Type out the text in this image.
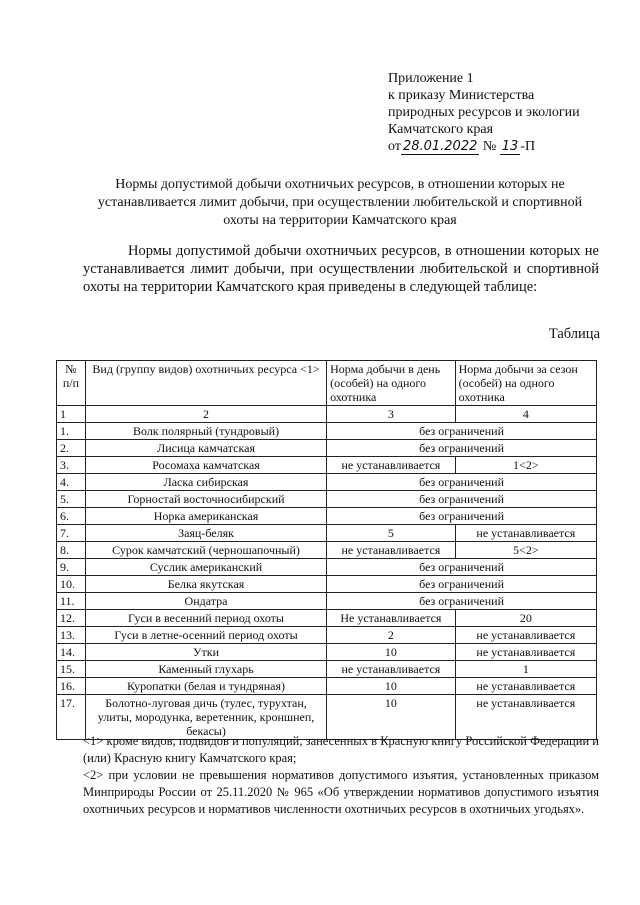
Приложение 1
к приказу Министерства
природных ресурсов и экологии
Камчатского края
от 28.01.2022 № 13 -П
Нормы допустимой добычи охотничьих ресурсов, в отношении которых не устанавливается лимит добычи, при осуществлении любительской и спортивной охоты на территории Камчатского края
Нормы допустимой добычи охотничьих ресурсов, в отношении которых не устанавливается лимит добычи, при осуществлении любительской и спортивной охоты на территории Камчатского края приведены в следующей таблице:
Таблица
№ п/п	Вид (группу видов) охотничьих ресурса <1>	Норма добычи в день (особей) на одного охотника	Норма добычи за сезон (особей) на одного охотника
1	2	3	4
1.	Волк полярный (тундровый)	без ограничений	
2.	Лисица камчатская	без ограничений	
3.	Росомаха камчатская	не устанавливается	1<2>
4.	Ласка сибирская	без ограничений	
5.	Горностай восточносибирский	без ограничений	
6.	Норка американская	без ограничений	
7.	Заяц-беляк	5	не устанавливается
8.	Сурок камчатский (черношапочный)	не устанавливается	5<2>
9.	Суслик американский	без ограничений	
10.	Белка якутская	без ограничений	
11.	Ондатра	без ограничений	
12.	Гуси в весенний период охоты	Не устанавливается	20
13.	Гуси в летне-осенний период охоты	2	не устанавливается
14.	Утки	10	не устанавливается
15.	Каменный глухарь	не устанавливается	1
16.	Куропатки (белая и тундряная)	10	не устанавливается
17.	Болотно-луговая дичь (тулес, турухтан, улиты, мородунка, веретенник, кроншнеп, бекасы)	10	не устанавливается

<1> кроме видов, подвидов и популяций, занесенных в Красную книгу Российской Федерации и (или) Красную книгу Камчатского края;

<2> при условии не превышения нормативов допустимого изъятия, установленных приказом Минприроды России от 25.11.2020 № 965 «Об утверждении нормативов допустимого изъятия охотничьих ресурсов и нормативов численности охотничьих ресурсов в охотничьих угодьях».
